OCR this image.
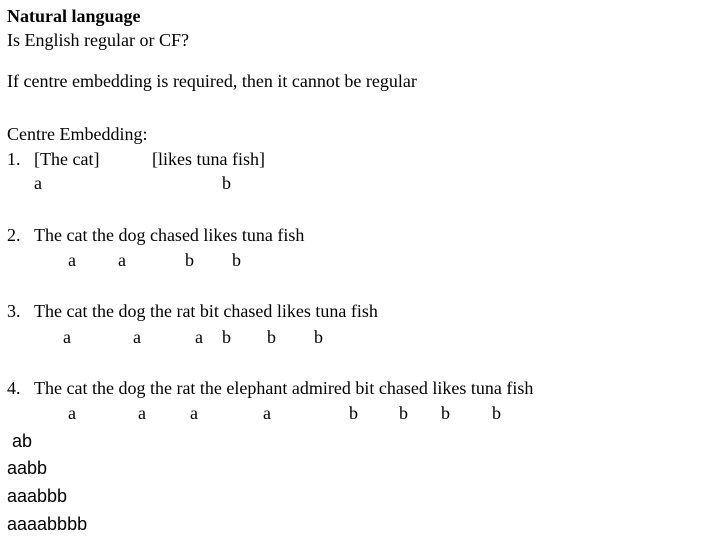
Natural language
Is English regular or CF?
If centre embedding is required, then it cannot be regular
Centre Embedding:
1. [The cat]	[likes tuna fish]
a	b
2. The cat the dog chased likes tuna fish
a a	b b
3. The cat the dog the rat bit chased likes tuna fish
a	a	a b b b
4. The cat the dog the rat the elephant admired bit chased likes tuna fish
a	a a	a	b b b b
ab
aabb
aaabbb
aaaabbbb
